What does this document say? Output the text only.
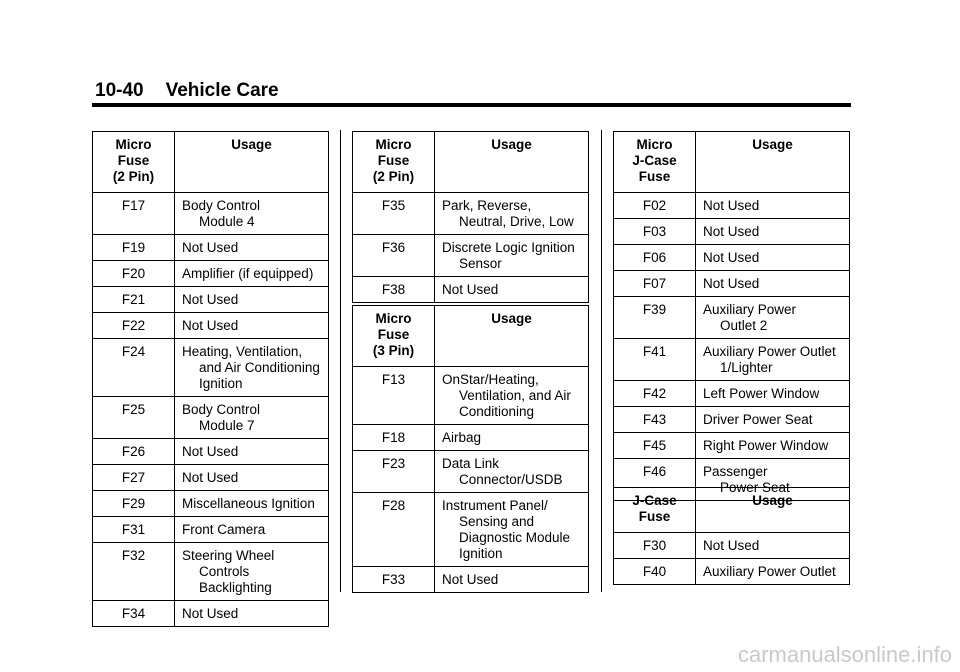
10-40 Vehicle Care
Micro
Fuse
(2 Pin)	Usage
F17	Body Control
Module 4

F19	Not Used

F20	Amplifier (if equipped)

F21	Not Used

F22	Not Used

F24	Heating, Ventilation,
and Air Conditioning
Ignition

F25	Body Control
Module 7

F26	Not Used

F27	Not Used

F29	Miscellaneous Ignition

F31	Front Camera

F32	Steering Wheel
Controls Backlighting

F34	Not Used
Micro
Fuse
(2 Pin)	Usage
F35	Park, Reverse,
Neutral, Drive, Low

F36	Discrete Logic Ignition
Sensor

F38	Not Used
Micro
Fuse
(3 Pin)	Usage
F13	OnStar/Heating,
Ventilation, and Air
Conditioning

F18	Airbag

F23	Data Link
Connector/USDB

F28	Instrument Panel/
Sensing and
Diagnostic Module
Ignition

F33	Not Used
Micro
J-Case
Fuse	Usage
F02	Not Used

F03	Not Used

F06	Not Used

F07	Not Used

F39	Auxiliary Power
Outlet 2

F41	Auxiliary Power Outlet
1/Lighter

F42	Left Power Window

F43	Driver Power Seat

F45	Right Power Window

F46	Passenger
Power Seat
J-Case
Fuse	Usage
F30	Not Used

F40	Auxiliary Power Outlet
carmanualsonline.info
